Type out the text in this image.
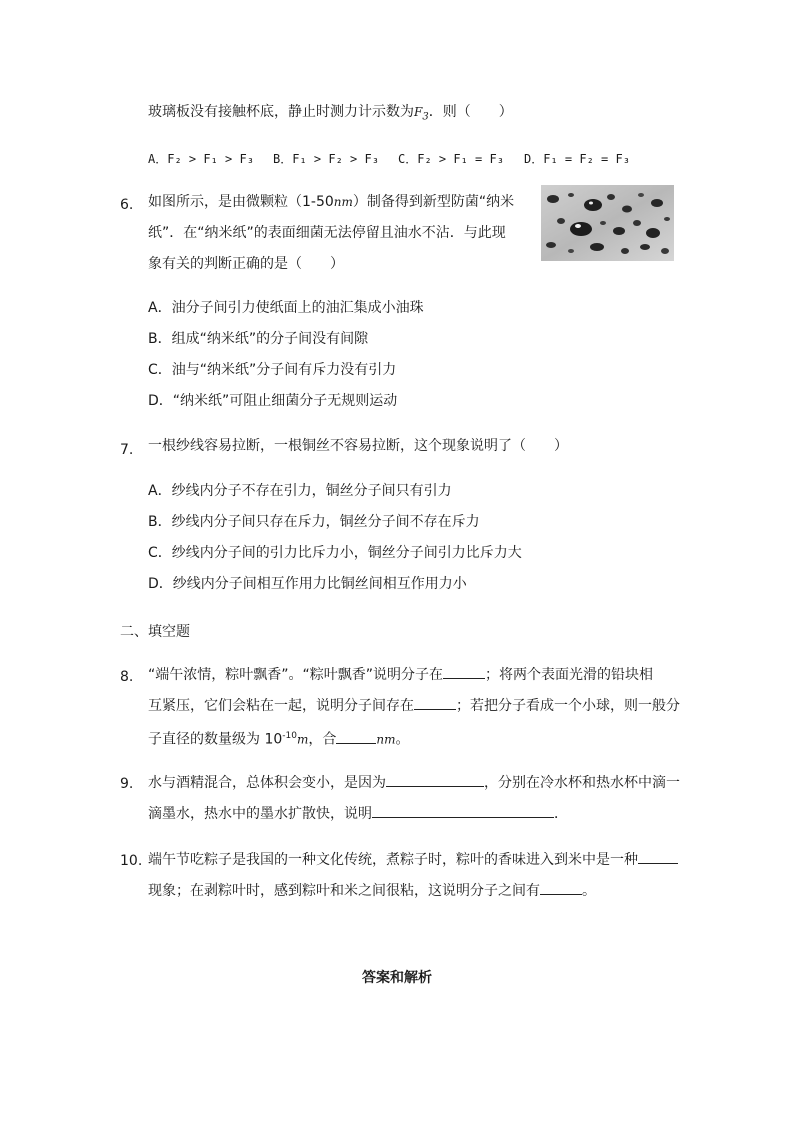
玻璃板没有接触杯底，静止时测力计示数为$F_3$．则（　　）
A．F₂ > F₁ > F₃ B．F₁ > F₂ > F₃ C．F₂ > F₁ = F₃ D．F₁ = F₂ = F₃
6. 如图所示，是由微颗粒（1-50nm）制备得到新型防菌“纳米
纸”．在“纳米纸”的表面细菌无法停留且油水不沾．与此现
象有关的判断正确的是（　　）
A．油分子间引力使纸面上的油汇集成小油珠
B．组成“纳米纸”的分子间没有间隙
C．油与“纳米纸”分子间有斥力没有引力
D．“纳米纸”可阻止细菌分子无规则运动
7. 一根纱线容易拉断，一根铜丝不容易拉断，这个现象说明了（　　）
A．纱线内分子不存在引力，铜丝分子间只有引力
B．纱线内分子间只存在斥力，铜丝分子间不存在斥力
C．纱线内分子间的引力比斥力小，铜丝分子间引力比斥力大
D．纱线内分子间相互作用力比铜丝间相互作用力小
二、填空题
8. “端午浓情，粽叶飘香”。“粽叶飘香”说明分子在	；将两个表面光滑的铅块相
互紧压，它们会粘在一起，说明分子间存在	；若把分子看成一个小球，则一般分
子直径的数量级为 $10^{-10}m$，合	nm。
9. 水与酒精混合，总体积会变小，是因为	，分别在冷水杯和热水杯中滴一
滴墨水，热水中的墨水扩散快，说明	．
10. 端午节吃粽子是我国的一种文化传统，煮粽子时，粽叶的香味进入到米中是一种
现象；在剥粽叶时，感到粽叶和米之间很粘，这说明分子之间有	。
答案和解析
